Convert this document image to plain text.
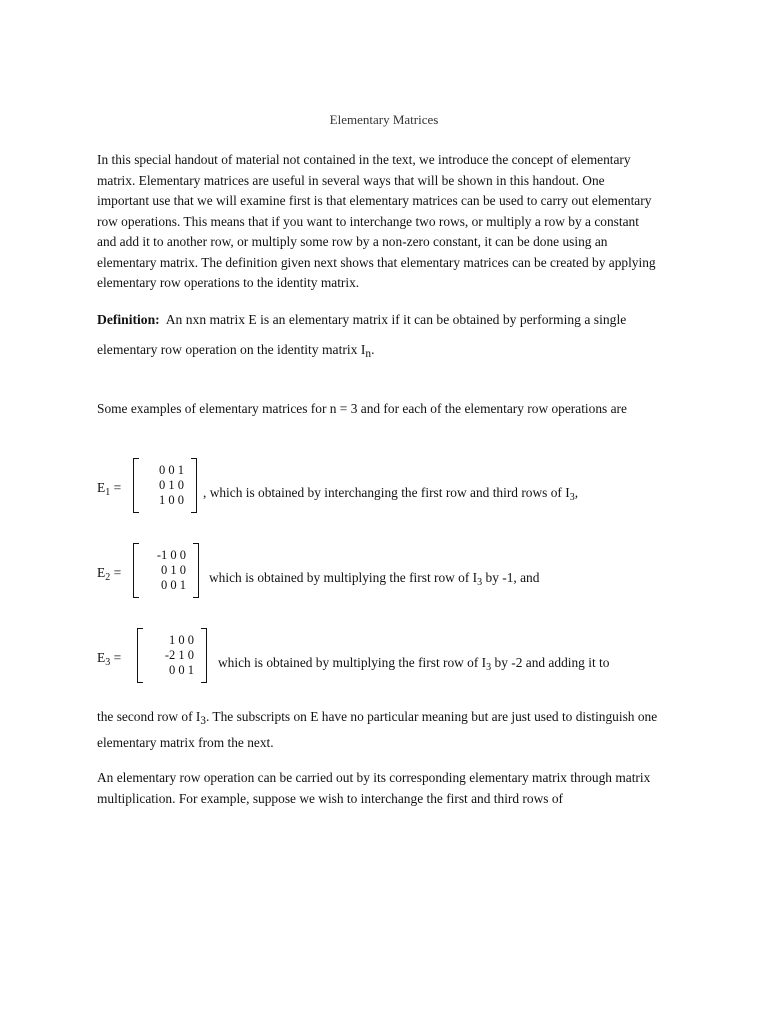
Elementary Matrices
In this special handout of material not contained in the text, we introduce the concept of elementary matrix. Elementary matrices are useful in several ways that will be shown in this handout. One important use that we will examine first is that elementary matrices can be used to carry out elementary row operations. This means that if you want to interchange two rows, or multiply a row by a constant and add it to another row, or multiply some row by a non-zero constant, it can be done using an elementary matrix. The definition given next shows that elementary matrices can be created by applying elementary row operations to the identity matrix.
Definition: An nxn matrix E is an elementary matrix if it can be obtained by performing a single
elementary row operation on the identity matrix $I_n$.
Some examples of elementary matrices for n = 3 and for each of the elementary row operations are
$E_1$ =
0 0 1
0 1 0
1 0 0 , which is obtained by interchanging the first row and third rows of $I_3$,
$E_2$ =
-1 0 0
0 1 0
0 0 1 which is obtained by multiplying the first row of $I_3$ by -1, and
$E_3$ =
1 0 0
-2 1 0
0 0 1 which is obtained by multiplying the first row of $I_3$ by -2 and adding it to
the second row of $I_3$. The subscripts on E have no particular meaning but are just used to distinguish one elementary matrix from the next.
An elementary row operation can be carried out by its corresponding elementary matrix through matrix multiplication. For example, suppose we wish to interchange the first and third rows of
